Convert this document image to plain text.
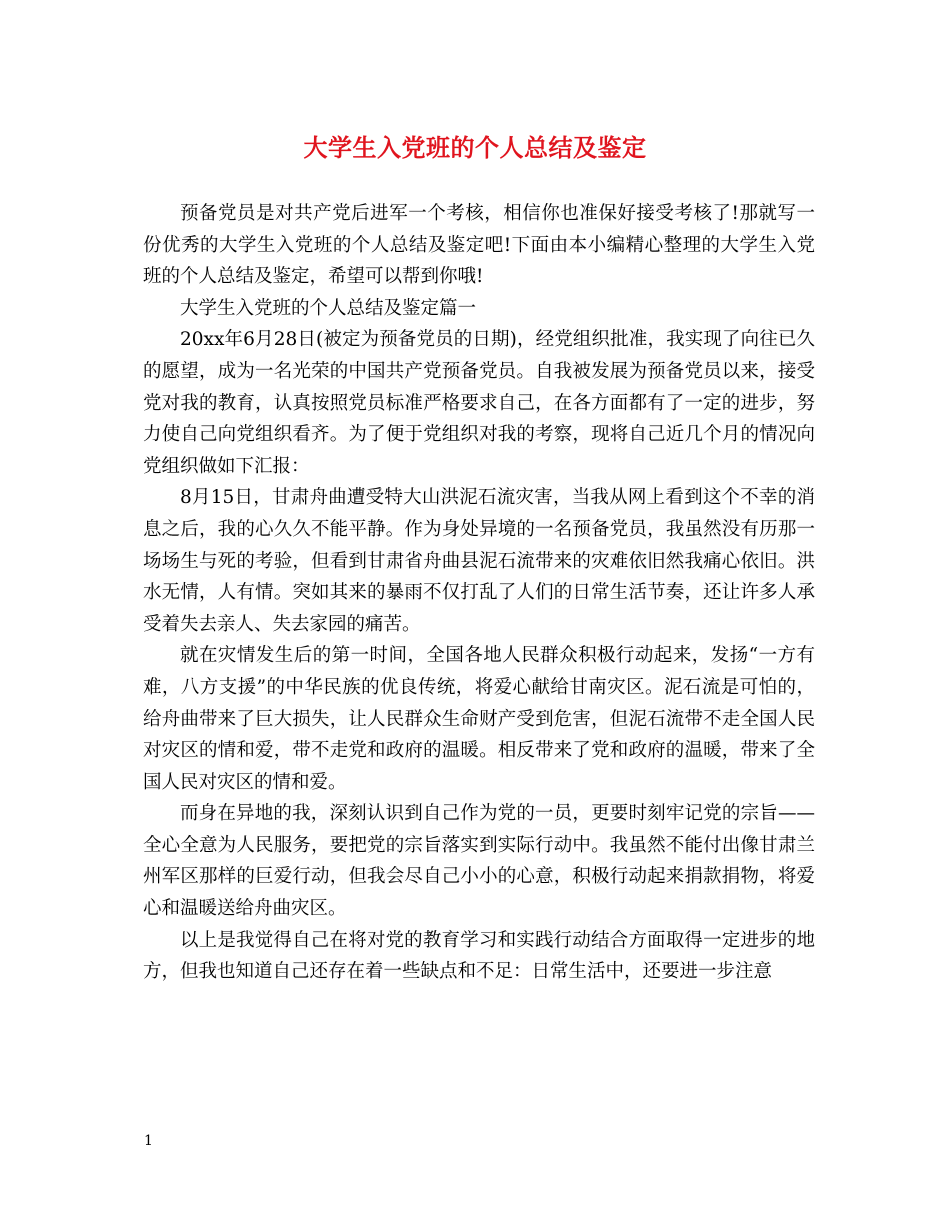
大学生入党班的个人总结及鉴定

预备党员是对共产党后进军一个考核，相信你也准保好接受考核了!那就写一份优秀的大学生入党班的个人总结及鉴定吧!下面由本小编精心整理的大学生入党班的个人总结及鉴定，希望可以帮到你哦!

大学生入党班的个人总结及鉴定篇一

20xx年6月28日(被定为预备党员的日期)，经党组织批准，我实现了向往已久的愿望，成为一名光荣的中国共产党预备党员。自我被发展为预备党员以来，接受党对我的教育，认真按照党员标准严格要求自己，在各方面都有了一定的进步，努力使自己向党组织看齐。为了便于党组织对我的考察，现将自己近几个月的情况向党组织做如下汇报：

8月15日，甘肃舟曲遭受特大山洪泥石流灾害，当我从网上看到这个不幸的消息之后，我的心久久不能平静。作为身处异境的一名预备党员，我虽然没有历那一场场生与死的考验，但看到甘肃省舟曲县泥石流带来的灾难依旧然我痛心依旧。洪水无情，人有情。突如其来的暴雨不仅打乱了人们的日常生活节奏，还让许多人承受着失去亲人、失去家园的痛苦。

就在灾情发生后的第一时间，全国各地人民群众积极行动起来，发扬“一方有难，八方支援”的中华民族的优良传统，将爱心献给甘南灾区。泥石流是可怕的，给舟曲带来了巨大损失，让人民群众生命财产受到危害，但泥石流带不走全国人民对灾区的情和爱，带不走党和政府的温暖。相反带来了党和政府的温暖，带来了全国人民对灾区的情和爱。

而身在异地的我，深刻认识到自己作为党的一员，更要时刻牢记党的宗旨——全心全意为人民服务，要把党的宗旨落实到实际行动中。我虽然不能付出像甘肃兰州军区那样的巨爱行动，但我会尽自己小小的心意，积极行动起来捐款捐物，将爱心和温暖送给舟曲灾区。

以上是我觉得自己在将对党的教育学习和实践行动结合方面取得一定进步的地方，但我也知道自己还存在着一些缺点和不足：日常生活中，还要进一步注意

1
